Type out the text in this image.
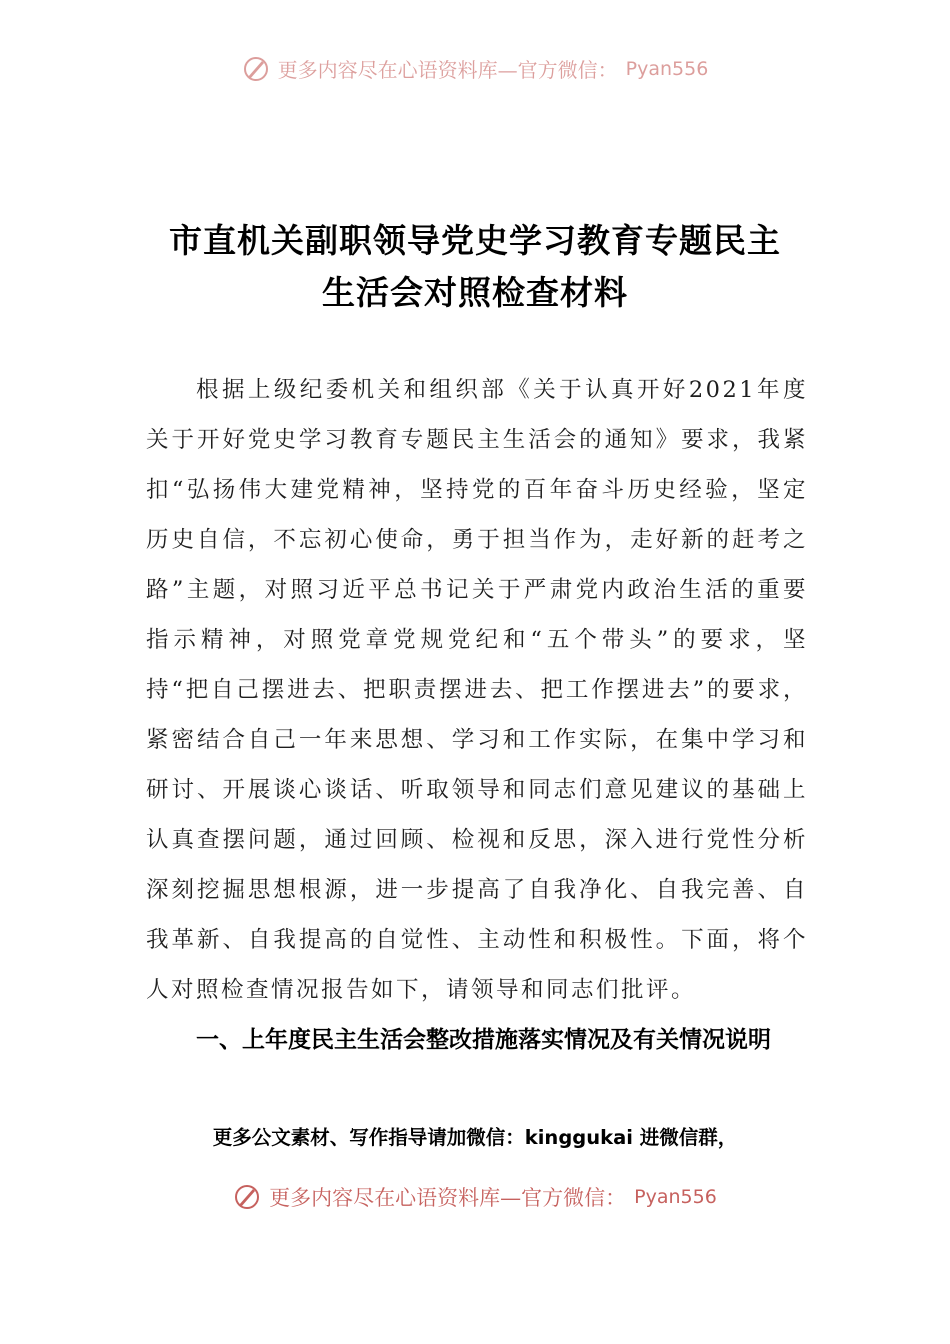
更多内容尽在心语资料库—官方微信： Pyan556
市直机关副职领导党史学习教育专题民主
生活会对照检查材料
根据上级纪委机关和组织部《关于认真开好2021年度关于开好党史学习教育专题民主生活会的通知》要求，我紧扣“弘扬伟大建党精神，坚持党的百年奋斗历史经验，坚定历史自信，不忘初心使命，勇于担当作为，走好新的赶考之路”主题，对照习近平总书记关于严肃党内政治生活的重要指示精神，对照党章党规党纪和“五个带头”的要求，坚持“把自己摆进去、把职责摆进去、把工作摆进去”的要求，紧密结合自己一年来思想、学习和工作实际，在集中学习和研讨、开展谈心谈话、听取领导和同志们意见建议的基础上认真查摆问题，通过回顾、检视和反思，深入进行党性分析深刻挖掘思想根源，进一步提高了自我净化、自我完善、自我革新、自我提高的自觉性、主动性和积极性。下面，将个人对照检查情况报告如下，请领导和同志们批评。
一、上年度民主生活会整改措施落实情况及有关情况说明
更多公文素材、写作指导请加微信：kinggukai 进微信群，
更多内容尽在心语资料库—官方微信： Pyan556
